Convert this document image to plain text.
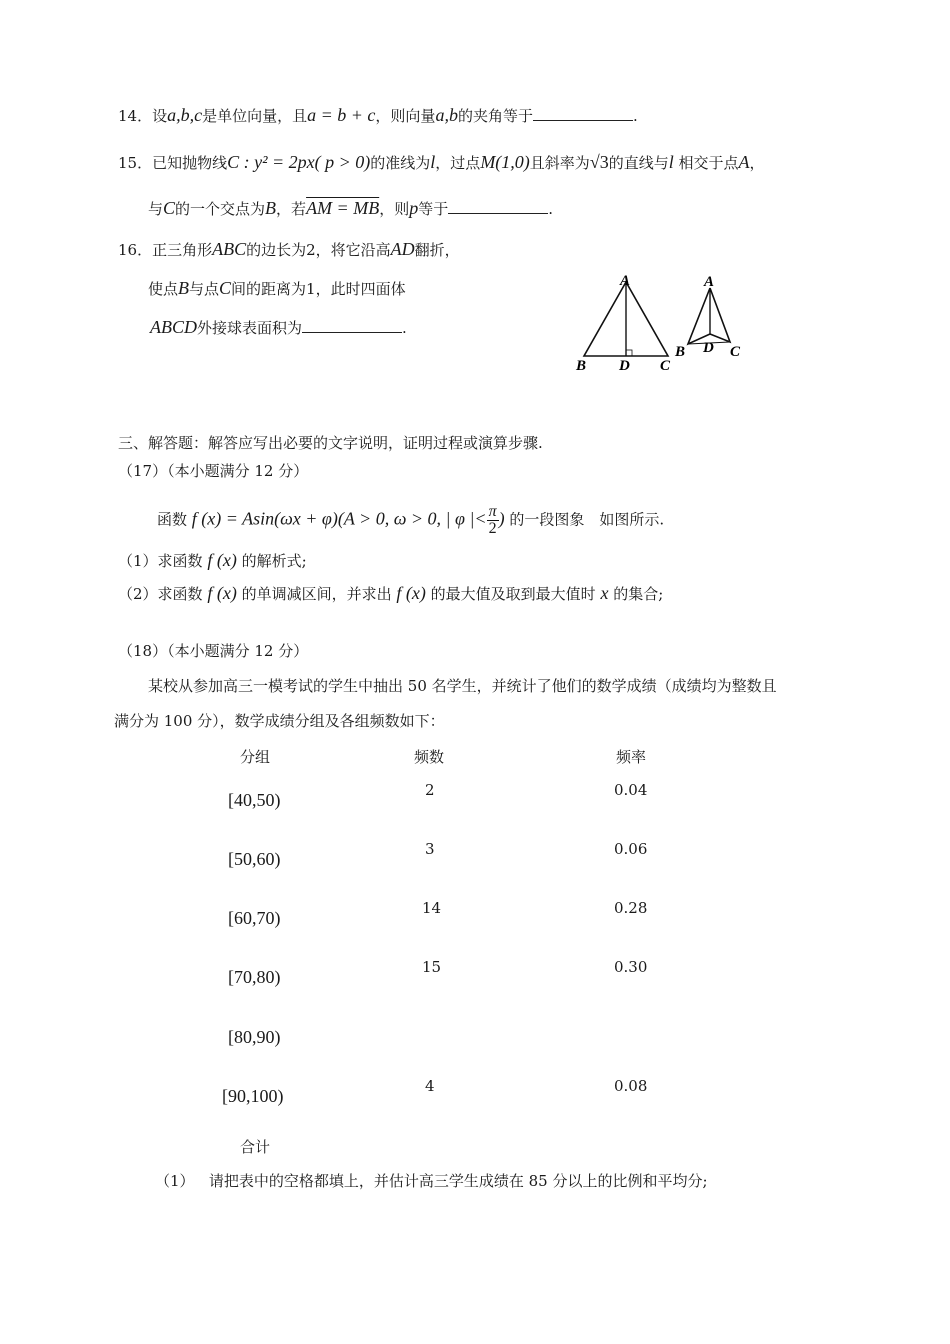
14．设a,b,c是单位向量，且a = b + c，则向量a,b的夹角等于	.
15．已知抛物线C : y² = 2px( p > 0)的准线为l，过点M(1,0)且斜率为√3的直线与l 相交于点A，
与C的一个交点为B，若AM = MB，则p等于	.
16．正三角形ABC的边长为2，将它沿高AD翻折，
使点B与点C间的距离为1，此时四面体
ABCD外接球表面积为	.
A
B D C
A
B D C
三、解答题：解答应写出必要的文字说明，证明过程或演算步骤.
（17）（本小题满分 12 分）
函数 f (x) = Asin(ωx + φ)(A > 0, ω > 0, | φ |< $\frac{\pi}{2}$ ) 的一段图象　如图所示.
（1）求函数 f (x) 的解析式;
（2）求函数 f (x) 的单调减区间，并求出 f (x) 的最大值及取到最大值时 x 的集合;
（18）（本小题满分 12 分）
某校从参加高三一模考试的学生中抽出 50 名学生，并统计了他们的数学成绩（成绩均为整数且
满分为 100 分），数学成绩分组及各组频数如下：
分组	频数	频率
[40,50)	2	0.04
[50,60)	3	0.06
[60,70)	14	0.28
[70,80)	15	0.30
[80,90)
[90,100)	4	0.08
合计
（1） 请把表中的空格都填上，并估计高三学生成绩在 85 分以上的比例和平均分;
